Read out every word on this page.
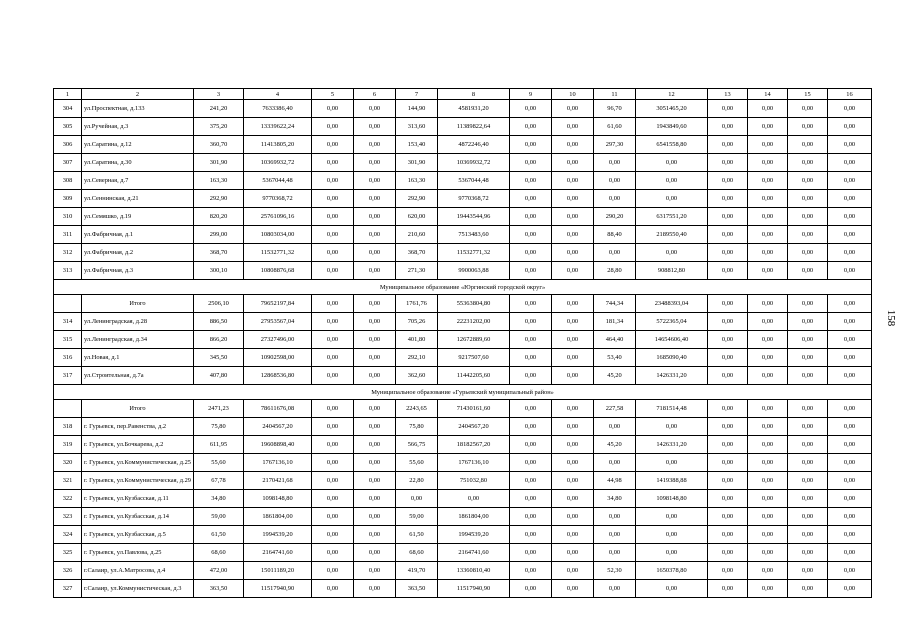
1	2	3	4	5	6	7	8	9	10	11	12	13	14	15	16
304	ул.Проспектная, д.133	241,20	7633386,40	0,00	0,00	144,90	4581931,20	0,00	0,00	96,70	3051465,20	0,00	0,00	0,00	0,00
305	ул.Ручейная, д.3	375,20	13339622,24	0,00	0,00	313,60	11389822,64	0,00	0,00	61,60	1943849,60	0,00	0,00	0,00	0,00
306	ул.Саратина, д.12	360,70	11413805,20	0,00	0,00	153,40	4872246,40	0,00	0,00	297,30	6541558,80	0,00	0,00	0,00	0,00
307	ул.Саратина, д.30	301,90	10369932,72	0,00	0,00	301,90	10369932,72	0,00	0,00	0,00	0,00	0,00	0,00	0,00	0,00
308	ул.Северная, д.7	163,30	5367044,48	0,00	0,00	163,30	5367044,48	0,00	0,00	0,00	0,00	0,00	0,00	0,00	0,00
309	ул.Сеннинская, д.21	292,90	9770368,72	0,00	0,00	292,90	9770368,72	0,00	0,00	0,00	0,00	0,00	0,00	0,00	0,00
310	ул.Семяшко, д.19	820,20	25761096,16	0,00	0,00	620,00	19443544,96	0,00	0,00	290,20	6317551,20	0,00	0,00	0,00	0,00
311	ул.Фабричная, д.1	299,00	10803034,00	0,00	0,00	210,60	7513483,60	0,00	0,00	88,40	2189550,40	0,00	0,00	0,00	0,00
312	ул.Фабричная, д.2	368,70	11532771,32	0,00	0,00	368,70	11532771,32	0,00	0,00	0,00	0,00	0,00	0,00	0,00	0,00
313	ул.Фабричная, д.3	300,10	10808876,68	0,00	0,00	271,30	9900063,88	0,00	0,00	28,80	908812,80	0,00	0,00	0,00	0,00
Муниципальное образование «Юргинский городской округ»															
	Итого	2506,10	79652197,84	0,00	0,00	1761,76	55363804,80	0,00	0,00	744,34	23488393,04	0,00	0,00	0,00	0,00
314	ул.Ленинградская, д.28	886,50	27953567,04	0,00	0,00	705,26	22231202,00	0,00	0,00	181,34	5722365,04	0,00	0,00	0,00	0,00
315	ул.Ленинградская, д.34	866,20	27327496,00	0,00	0,00	401,80	12672889,60	0,00	0,00	464,40	14654606,40	0,00	0,00	0,00	0,00
316	ул.Новая, д.1	345,50	10902598,00	0,00	0,00	292,10	9217507,60	0,00	0,00	53,40	1685090,40	0,00	0,00	0,00	0,00
317	ул.Строительная, д.7а	407,80	12868536,80	0,00	0,00	362,60	11442205,60	0,00	0,00	45,20	1426331,20	0,00	0,00	0,00	0,00
Муниципальное образование «Гурьевский муниципальный район»															
	Итого	2471,23	78611676,08	0,00	0,00	2243,65	71430161,60	0,00	0,00	227,58	7181514,48	0,00	0,00	0,00	0,00
318	г. Гурьевск, пер.Равенства, д.2	75,80	2404567,20	0,00	0,00	75,80	2404567,20	0,00	0,00	0,00	0,00	0,00	0,00	0,00	0,00
319	г. Гурьевск, ул.Бочкарева, д.2	611,95	19608898,40	0,00	0,00	566,75	18182567,20	0,00	0,00	45,20	1426331,20	0,00	0,00	0,00	0,00
320	г. Гурьевск, ул.Коммунистическая, д.25	55,60	1767136,10	0,00	0,00	55,60	1767136,10	0,00	0,00	0,00	0,00	0,00	0,00	0,00	0,00
321	г. Гурьевск, ул.Коммунистическая, д.29	67,78	2170421,68	0,00	0,00	22,80	751032,80	0,00	0,00	44,98	1419388,88	0,00	0,00	0,00	0,00
322	г. Гурьевск, ул.Кузбасская, д.11	34,80	1098148,80	0,00	0,00	0,00	0,00	0,00	0,00	34,80	1098148,80	0,00	0,00	0,00	0,00
323	г. Гурьевск, ул.Кузбасская, д.14	59,00	1861804,00	0,00	0,00	59,00	1861804,00	0,00	0,00	0,00	0,00	0,00	0,00	0,00	0,00
324	г. Гурьевск, ул.Кузбасская, д.5	61,50	1994539,20	0,00	0,00	61,50	1994539,20	0,00	0,00	0,00	0,00	0,00	0,00	0,00	0,00
325	г. Гурьевск, ул.Павлова, д.25	68,60	2164741,60	0,00	0,00	68,60	2164741,60	0,00	0,00	0,00	0,00	0,00	0,00	0,00	0,00
326	г.Салаир, ул.А.Матросова, д.4	472,00	15011189,20	0,00	0,00	419,70	13360810,40	0,00	0,00	52,30	1650378,80	0,00	0,00	0,00	0,00
327	г.Салаир, ул.Коммунистическая, д.3	363,50	11517940,90	0,00	0,00	363,50	11517940,90	0,00	0,00	0,00	0,00	0,00	0,00	0,00	0,00
158
